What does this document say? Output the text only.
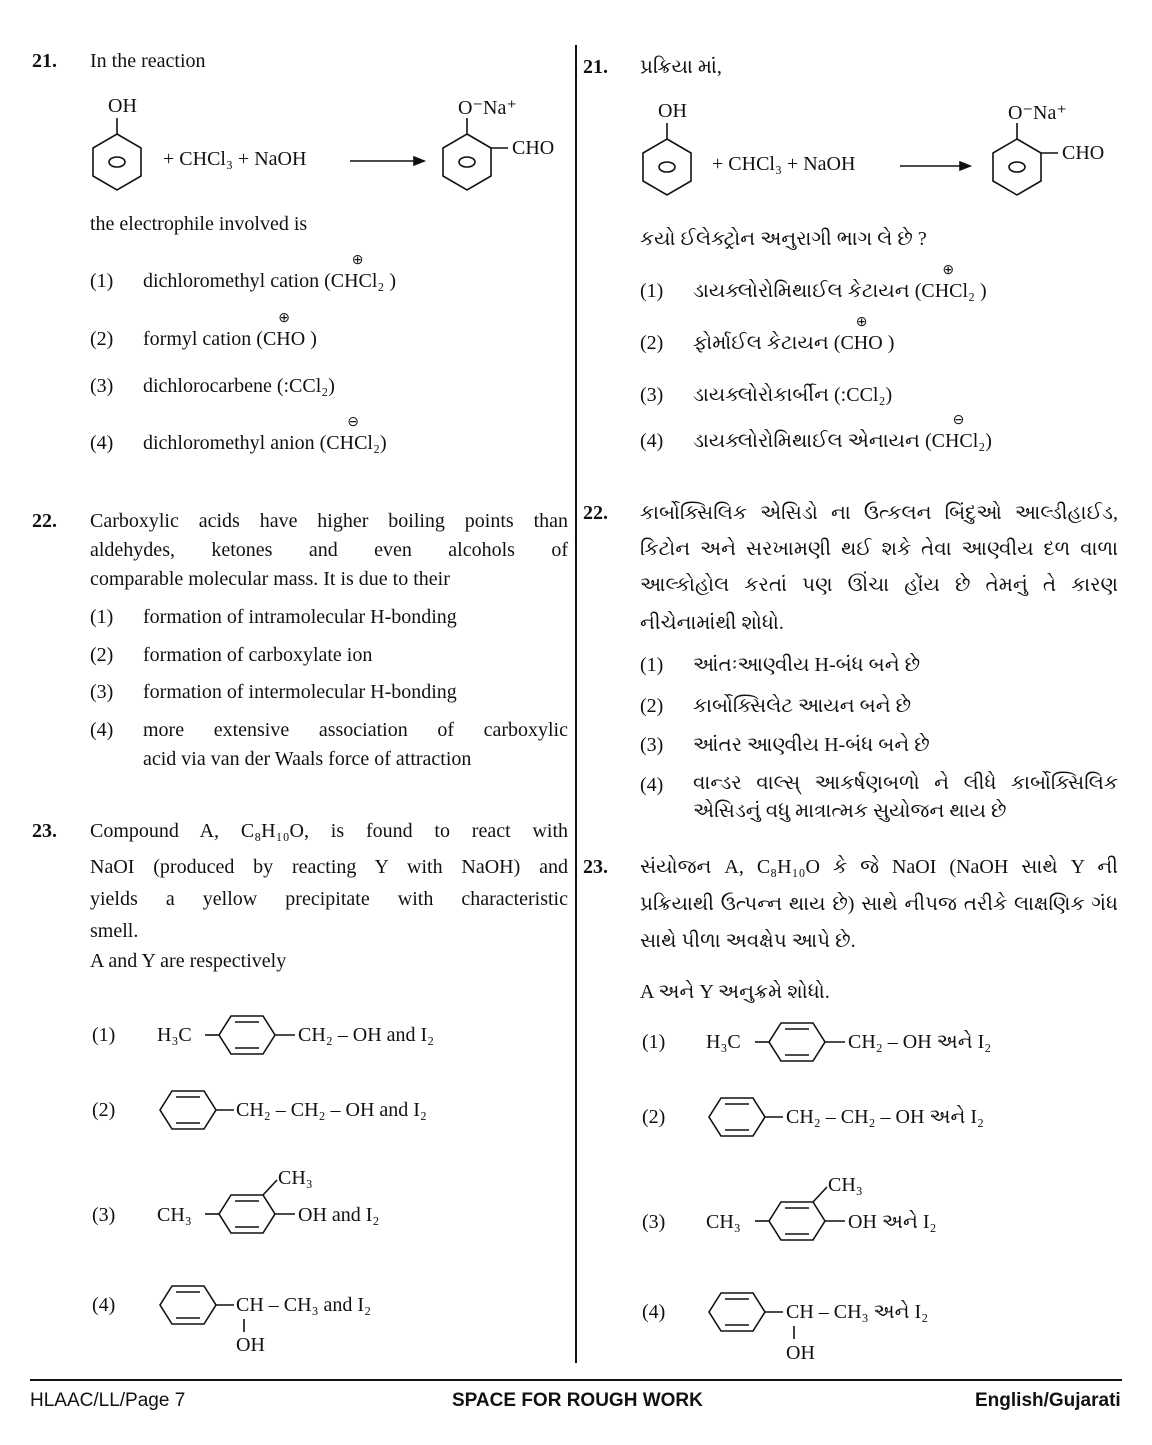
21. In the reaction
OH
+ CHCl₃ + NaOH
O⁻Na⁺
CHO
the electrophile involved is
(1) dichloromethyl cation (
⊕
CHCl₂ )
(2) formyl cation (
⊕
CHO )
(3) dichlorocarbene (:CCl₂)
(4) dichloromethyl anion (
⊖
CHCl₂)
22. Carboxylic acids have higher boiling points than
aldehydes, ketones and even alcohols of
comparable molecular mass. It is due to their
(1) formation of intramolecular H-bonding
(2) formation of carboxylate ion
(3) formation of intermolecular H-bonding
(4) more extensive association of carboxylic
acid via van der Waals force of attraction
23. Compound A, C₈H₁₀O, is found to react with
NaOI (produced by reacting Y with NaOH) and
yields a yellow precipitate with characteristic
smell.
A and Y are respectively
(1) H₃C	CH₂ – OH and I₂
(2)	CH₂ – CH₂ – OH and I₂
(3) CH₃
CH₃
OH and I₂
(4)	CH – CH₃ and I₂
OH
21. પ્રક્રિયા માં,
OH
+ CHCl₃ + NaOH
O⁻Na⁺
CHO
કયો ઈલેક્ટ્રોન અનુરાગી ભાગ લે છે ?
(1) ડાયક્લોરોમિથાઈલ કેટાયન (
⊕
CHCl₂ )
(2) ફોર્માઈલ કેટાયન (
⊕
CHO )
(3) ડાયક્લોરોકાર્બીન (:CCl₂)
(4) ડાયક્લોરોમિથાઈલ એનાયન (
⊖
CHCl₂)
22. કાર્બોક્સિલિક એસિડો ના ઉત્કલન બિંદુઓ આલ્ડીહાઈડ,
કિટોન અને સરખામણી થઈ શકે તેવા આણ્વીય દળ વાળા
આલ્કોહોલ કરતાં પણ ઊંચા હોંય છે તેમનું તે કારણ
નીચેનામાંથી શોધો.
(1) આંતઃઆણ્વીય H-બંધ બને છે
(2) કાર્બોક્સિલેટ આયન બને છે
(3) આંતર આણ્વીય H-બંધ બને છે
(4) વાન્ડર વાલ્સ્ આકર્ષણબળો ને લીધે કાર્બોક્સિલિક
એસિડનું વધુ માત્રાત્મક સુયોજન થાય છે
23. સંયોજન A, C₈H₁₀O કે જે NaOI (NaOH સાથે Y ની
પ્રક્રિયાથી ઉત્પન્ન થાય છે) સાથે નીપજ તરીકે લાક્ષણિક ગંધ
સાથે પીળા અવક્ષેપ આપે છે.
A અને Y અનુક્રમે શોધો.
(1) H₃C	CH₂ – OH અને I₂
(2)	CH₂ – CH₂ – OH અને I₂
(3) CH₃
CH₃
OH અને I₂
(4)	CH – CH₃ અને I₂
OH
HLAAC/LL/Page 7	SPACE FOR ROUGH WORK	English/Gujarati
